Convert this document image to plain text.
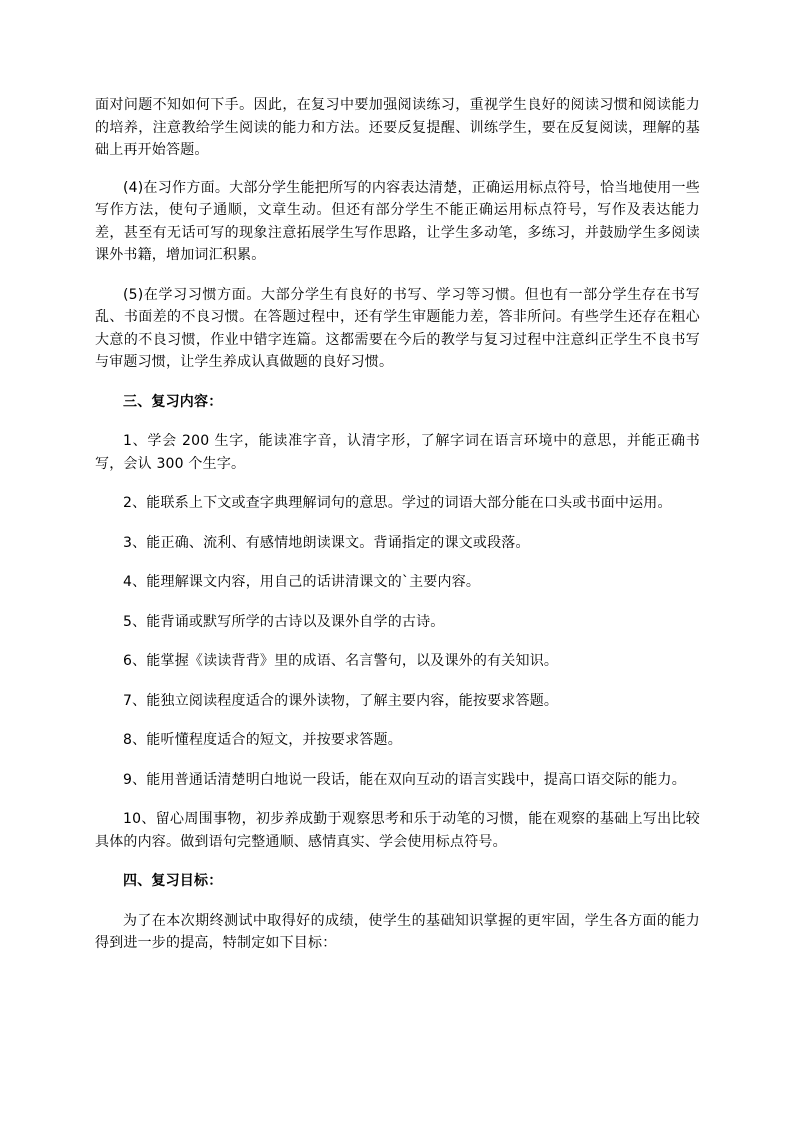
面对问题不知如何下手。因此，在复习中要加强阅读练习，重视学生良好的阅读习惯和阅读能力的培养，注意教给学生阅读的能力和方法。还要反复提醒、训练学生，要在反复阅读，理解的基础上再开始答题。

(4)在习作方面。大部分学生能把所写的内容表达清楚，正确运用标点符号，恰当地使用一些写作方法，使句子通顺，文章生动。但还有部分学生不能正确运用标点符号，写作及表达能力差，甚至有无话可写的现象注意拓展学生写作思路，让学生多动笔，多练习，并鼓励学生多阅读课外书籍，增加词汇积累。

(5)在学习习惯方面。大部分学生有良好的书写、学习等习惯。但也有一部分学生存在书写乱、书面差的不良习惯。在答题过程中，还有学生审题能力差，答非所问。有些学生还存在粗心大意的不良习惯，作业中错字连篇。这都需要在今后的教学与复习过程中注意纠正学生不良书写与审题习惯，让学生养成认真做题的良好习惯。

三、复习内容：

1、学会 200 生字，能读准字音，认清字形，了解字词在语言环境中的意思，并能正确书写，会认 300 个生字。

2、能联系上下文或查字典理解词句的意思。学过的词语大部分能在口头或书面中运用。

3、能正确、流利、有感情地朗读课文。背诵指定的课文或段落。

4、能理解课文内容，用自己的话讲清课文的`主要内容。

5、能背诵或默写所学的古诗以及课外自学的古诗。

6、能掌握《读读背背》里的成语、名言警句，以及课外的有关知识。

7、能独立阅读程度适合的课外读物，了解主要内容，能按要求答题。

8、能听懂程度适合的短文，并按要求答题。

9、能用普通话清楚明白地说一段话，能在双向互动的语言实践中，提高口语交际的能力。

10、留心周围事物，初步养成勤于观察思考和乐于动笔的习惯，能在观察的基础上写出比较具体的内容。做到语句完整通顺、感情真实、学会使用标点符号。

四、复习目标：

为了在本次期终测试中取得好的成绩，使学生的基础知识掌握的更牢固，学生各方面的能力得到进一步的提高，特制定如下目标：
